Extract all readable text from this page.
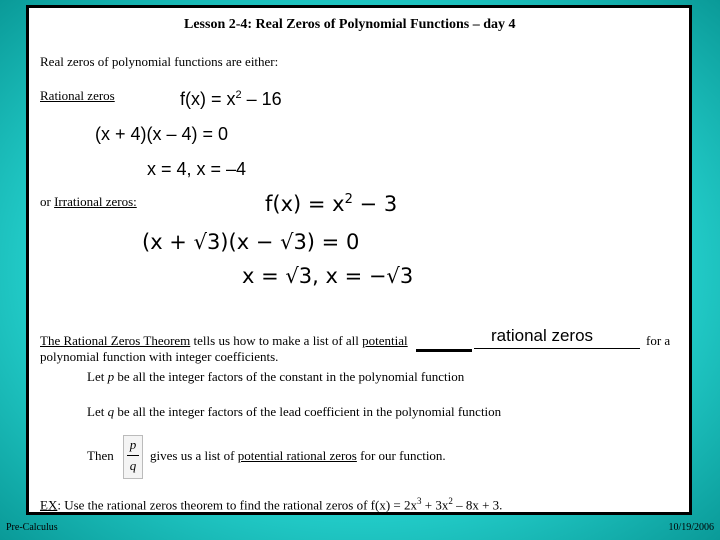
Lesson 2-4: Real Zeros of Polynomial Functions – day 4
Real zeros of polynomial functions are either:
Rational zeros	$f(x) = x^2 - 16$
(x + 4)(x – 4) = 0
x = 4, x = –4
or Irrational zeros:	$f(x) = x^2 - 3$
(x + √3)(x − √3) = 0
x = √3, x = −√3
The Rational Zeros Theorem tells us how to make a list of all potential	rational zeros	for a
polynomial function with integer coefficients.
Let p be all the integer factors of the constant in the polynomial function
Let q be all the integer factors of the lead coefficient in the polynomial function
Then
p
q
gives us a list of potential rational zeros for our function.
EX: Use the rational zeros theorem to find the rational zeros of $f(x) = 2x^3 + 3x^2 - 8x + 3$.
Pre-Calculus	10/19/2006
